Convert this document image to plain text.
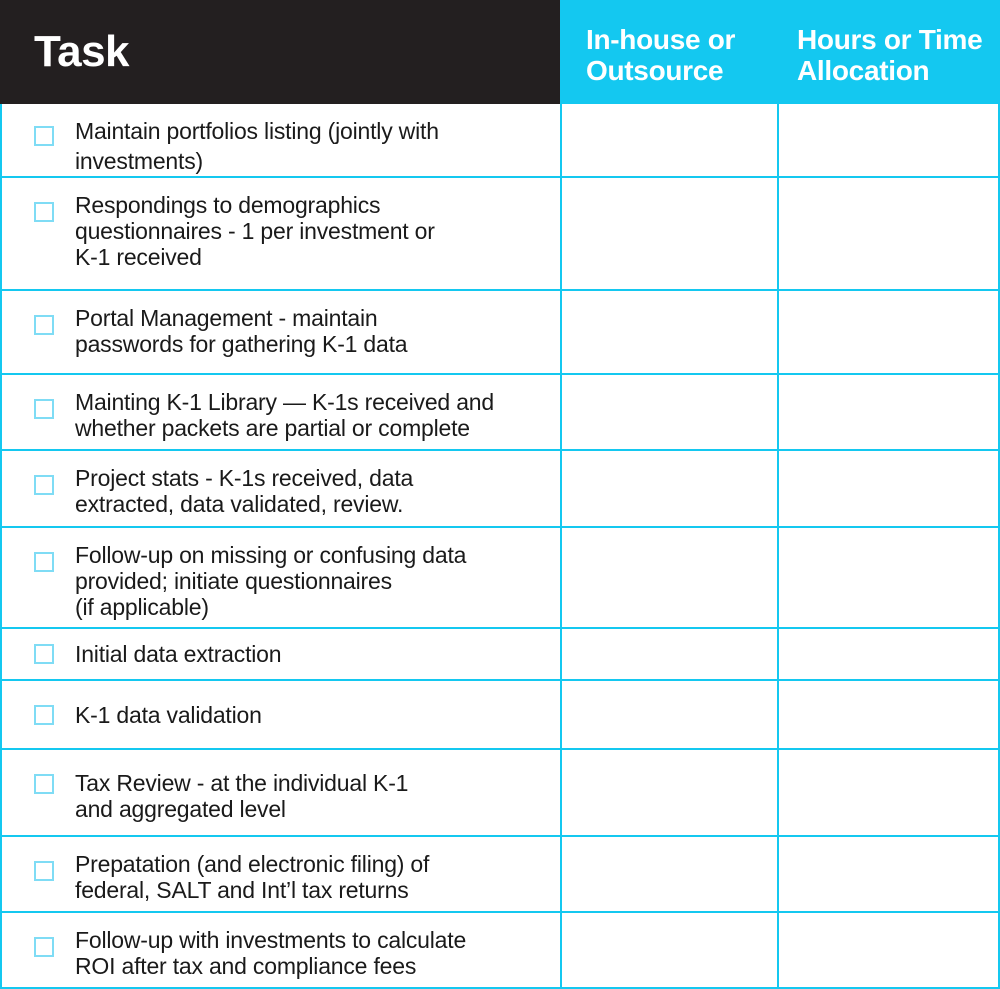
Task	In-house or
Outsource
Hours or Time
Allocation
Maintain portfolios listing (jointly with
investments)
Respondings to demographics
questionnaires - 1 per investment or
K-1 received
Portal Management - maintain
passwords for gathering K-1 data
Mainting K-1 Library — K-1s received and
whether packets are partial or complete
Project stats - K-1s received, data
extracted, data validated, review.
Follow-up on missing or confusing data
provided; initiate questionnaires
(if applicable)
Initial data extraction
K-1 data validation
Tax Review - at the individual K-1
and aggregated level
Prepatation (and electronic filing) of
federal, SALT and Int’l tax returns
Follow-up with investments to calculate
ROI after tax and compliance fees
